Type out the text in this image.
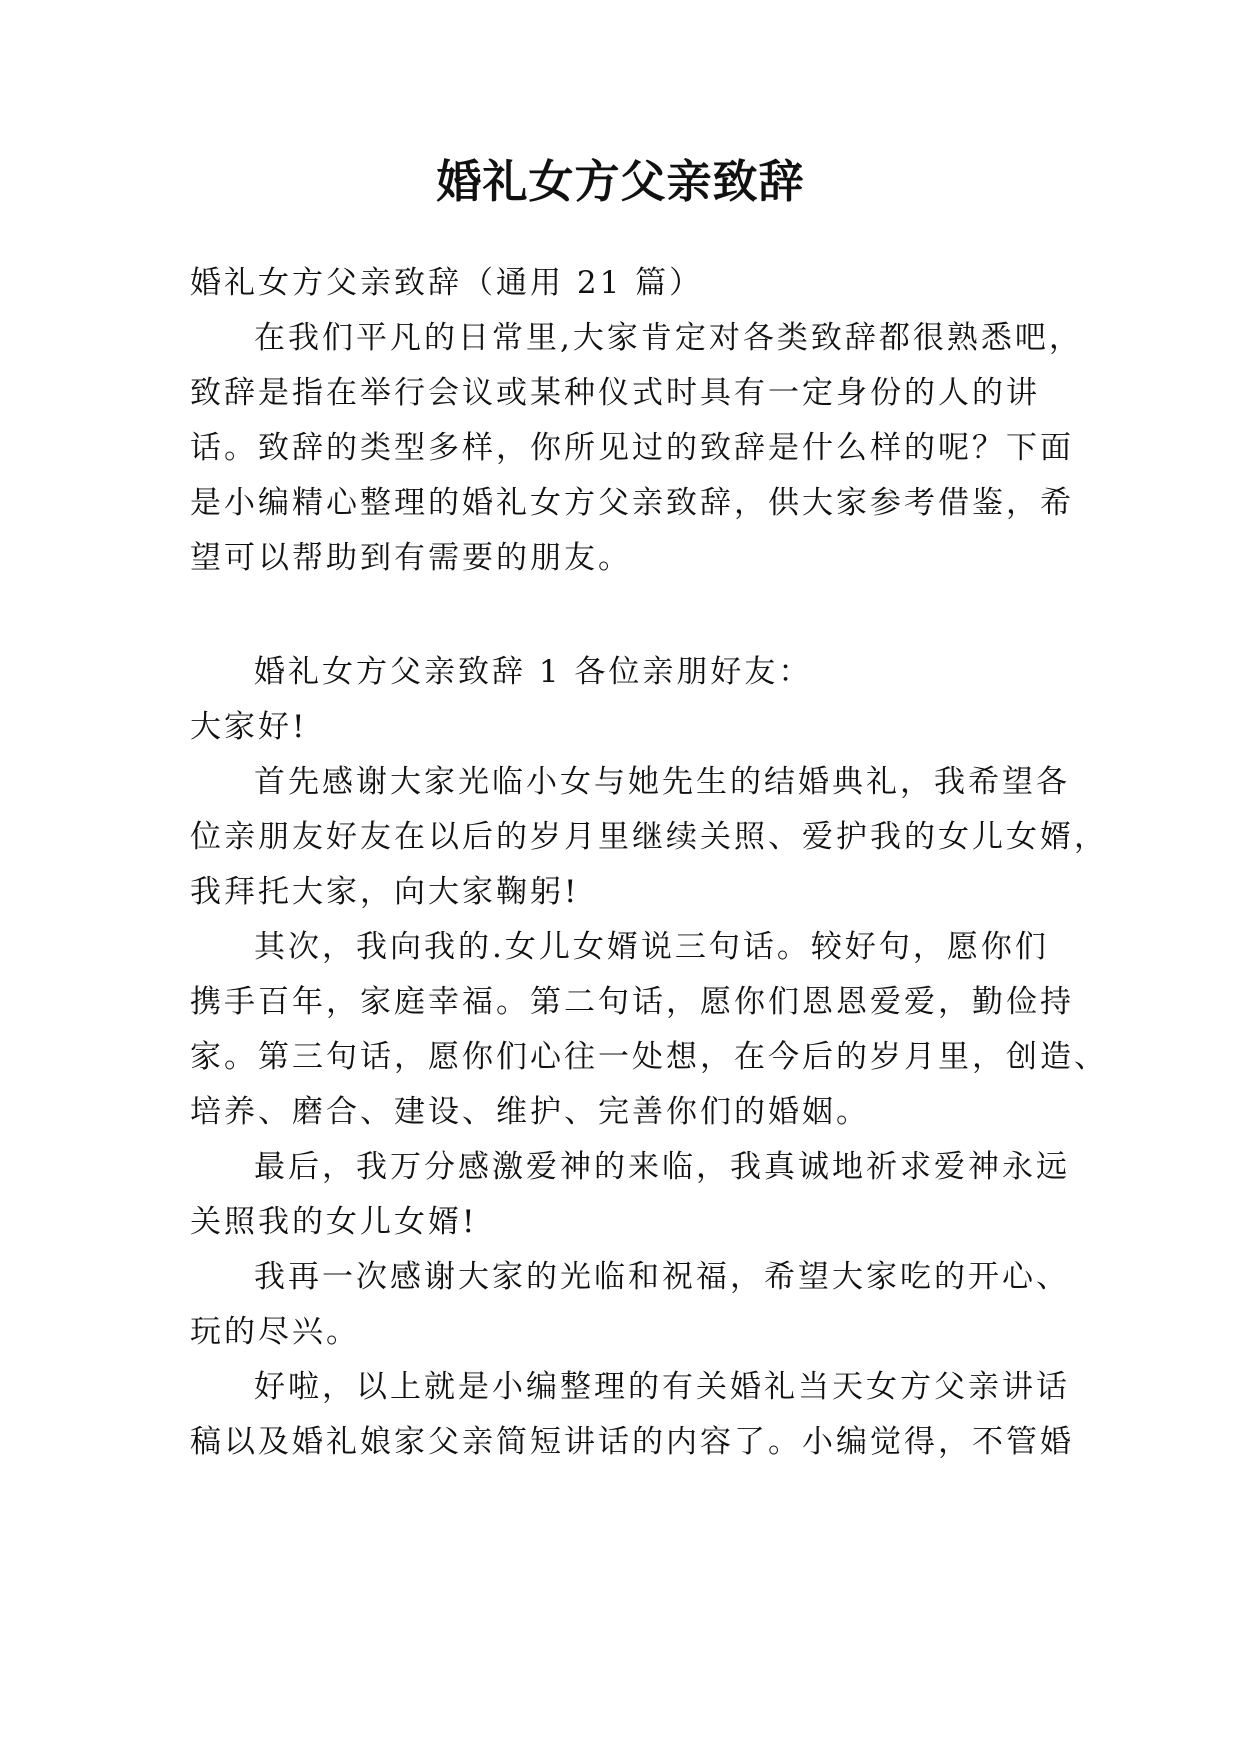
婚礼女方父亲致辞
婚礼女方父亲致辞（通用 21 篇）
在我们平凡的日常里,大家肯定对各类致辞都很熟悉吧，
致辞是指在举行会议或某种仪式时具有一定身份的人的讲
话。致辞的类型多样，你所见过的致辞是什么样的呢？下面
是小编精心整理的婚礼女方父亲致辞，供大家参考借鉴，希
望可以帮助到有需要的朋友。
婚礼女方父亲致辞 1 各位亲朋好友：
大家好!
首先感谢大家光临小女与她先生的结婚典礼，我希望各
位亲朋友好友在以后的岁月里继续关照、爱护我的女儿女婿，
我拜托大家，向大家鞠躬!
其次，我向我的.女儿女婿说三句话。较好句，愿你们
携手百年，家庭幸福。第二句话，愿你们恩恩爱爱，勤俭持
家。第三句话，愿你们心往一处想，在今后的岁月里，创造、
培养、磨合、建设、维护、完善你们的婚姻。
最后，我万分感激爱神的来临，我真诚地祈求爱神永远
关照我的女儿女婿!
我再一次感谢大家的光临和祝福，希望大家吃的开心、
玩的尽兴。
好啦，以上就是小编整理的有关婚礼当天女方父亲讲话
稿以及婚礼娘家父亲简短讲话的内容了。小编觉得，不管婚
